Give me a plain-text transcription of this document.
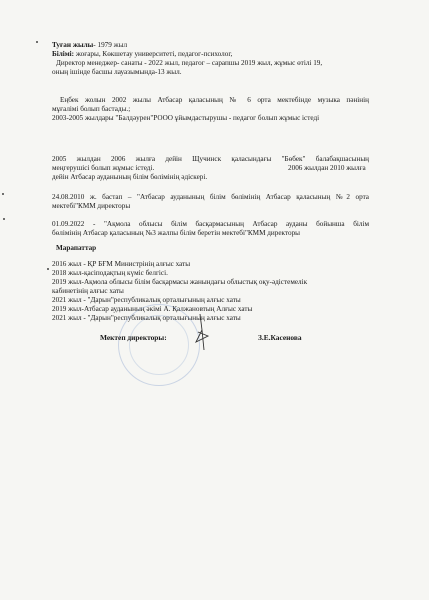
Туған жылы- 1979 жыл
Білімі: жоғары, Көкшетау университеті, педагог-психолог,
Директор менеджер- санаты - 2022 жыл, педагог – сарапшы 2019 жыл, жұмыс өтілі 19,
оның ішінде басшы лауазымында-13 жыл.
Еңбек жолын 2002 жылы Атбасар қаласының № 6 орта мектебінде музыка пәнінің
мұғалімі болып бастады.;
2003-2005 жылдары "Балдәурен"РООО ұйымдастырушы - педагог болып жұмыс істеді
2005 жылдан 2006 жылға дейін Щучинск қаласындағы "Бөбек" балабақшасының
меңгерушісі болып жұмыс істеді.	2006 жылдан 2010 жылға
дейін Атбасар ауданының білім бөлімінің әдіскері.
24.08.2010 ж. бастап – "Атбасар ауданының білім бөлімінің Атбасар қаласының №2 орта
мектебі"КММ директоры
01.09.2022 - "Ақмола облысы білім басқармасының Атбасар ауданы бойынша білім
бөлімінің Атбасар қаласының №3 жалпы білім беретін мектебі"КММ директоры
Марапаттар
2016 жыл - ҚР БҒМ Министрінің алғыс хаты
2018 жыл-қасіподақтың күміс белгісі.
2019 жыл-Ақмола облысы білім басқармасы жанындағы облыстық оқу-әдістемелік
кабинетінің алғыс хаты
2021 жыл - "Дарын"республикалық орталығының алғыс хаты
2019 жыл-Атбасар ауданының әкімі А. Қалжановтың Алғыс хаты
2021 жыл - "Дарын"республикалық орталығының алғыс хаты
Мектеп директоры:	З.Е.Касенова
